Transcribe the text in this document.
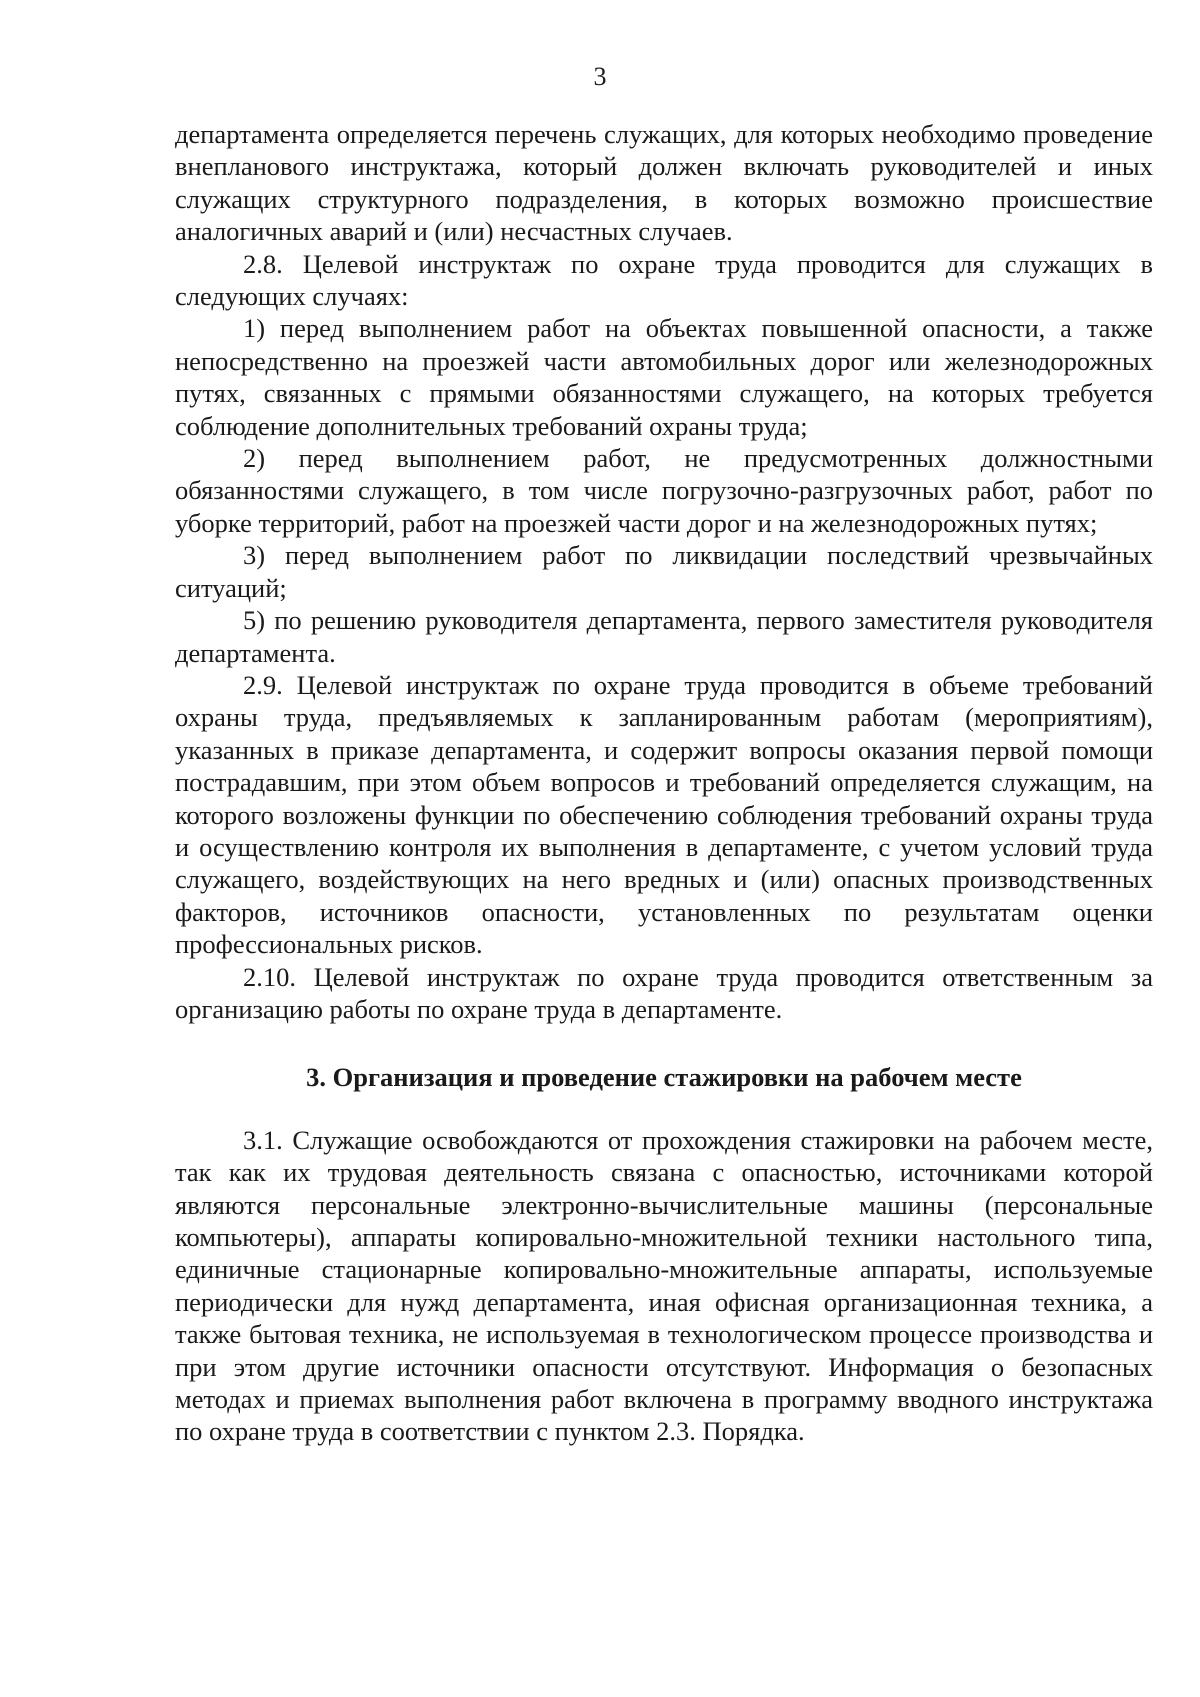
3

департамента определяется перечень служащих, для которых необходимо проведение внепланового инструктажа, который должен включать руководителей и иных служащих структурного подразделения, в которых возможно происшествие аналогичных аварий и (или) несчастных случаев.

2.8. Целевой инструктаж по охране труда проводится для служащих в следующих случаях:

1) перед выполнением работ на объектах повышенной опасности, а также непосредственно на проезжей части автомобильных дорог или железнодорожных путях, связанных с прямыми обязанностями служащего, на которых требуется соблюдение дополнительных требований охраны труда;

2) перед выполнением работ, не предусмотренных должностными обязанностями служащего, в том числе погрузочно-разгрузочных работ, работ по уборке территорий, работ на проезжей части дорог и на железнодорожных путях;

3) перед выполнением работ по ликвидации последствий чрезвычайных ситуаций;

5) по решению руководителя департамента, первого заместителя руководителя департамента.

2.9. Целевой инструктаж по охране труда проводится в объеме требований охраны труда, предъявляемых к запланированным работам (мероприятиям), указанных в приказе департамента, и содержит вопросы оказания первой помощи пострадавшим, при этом объем вопросов и требований определяется служащим, на которого возложены функции по обеспечению соблюдения требований охраны труда и осуществлению контроля их выполнения в департаменте, с учетом условий труда служащего, воздействующих на него вредных и (или) опасных производственных факторов, источников опасности, установленных по результатам оценки профессиональных рисков.

2.10. Целевой инструктаж по охране труда проводится ответственным за организацию работы по охране труда в департаменте.

3. Организация и проведение стажировки на рабочем месте

3.1. Служащие освобождаются от прохождения стажировки на рабочем месте, так как их трудовая деятельность связана с опасностью, источниками которой являются персональные электронно-вычислительные машины (персональные компьютеры), аппараты копировально-множительной техники настольного типа, единичные стационарные копировально-множительные аппараты, используемые периодически для нужд департамента, иная офисная организационная техника, а также бытовая техника, не используемая в технологическом процессе производства и при этом другие источники опасности отсутствуют. Информация о безопасных методах и приемах выполнения работ включена в программу вводного инструктажа по охране труда в соответствии с пунктом 2.3. Порядка.
